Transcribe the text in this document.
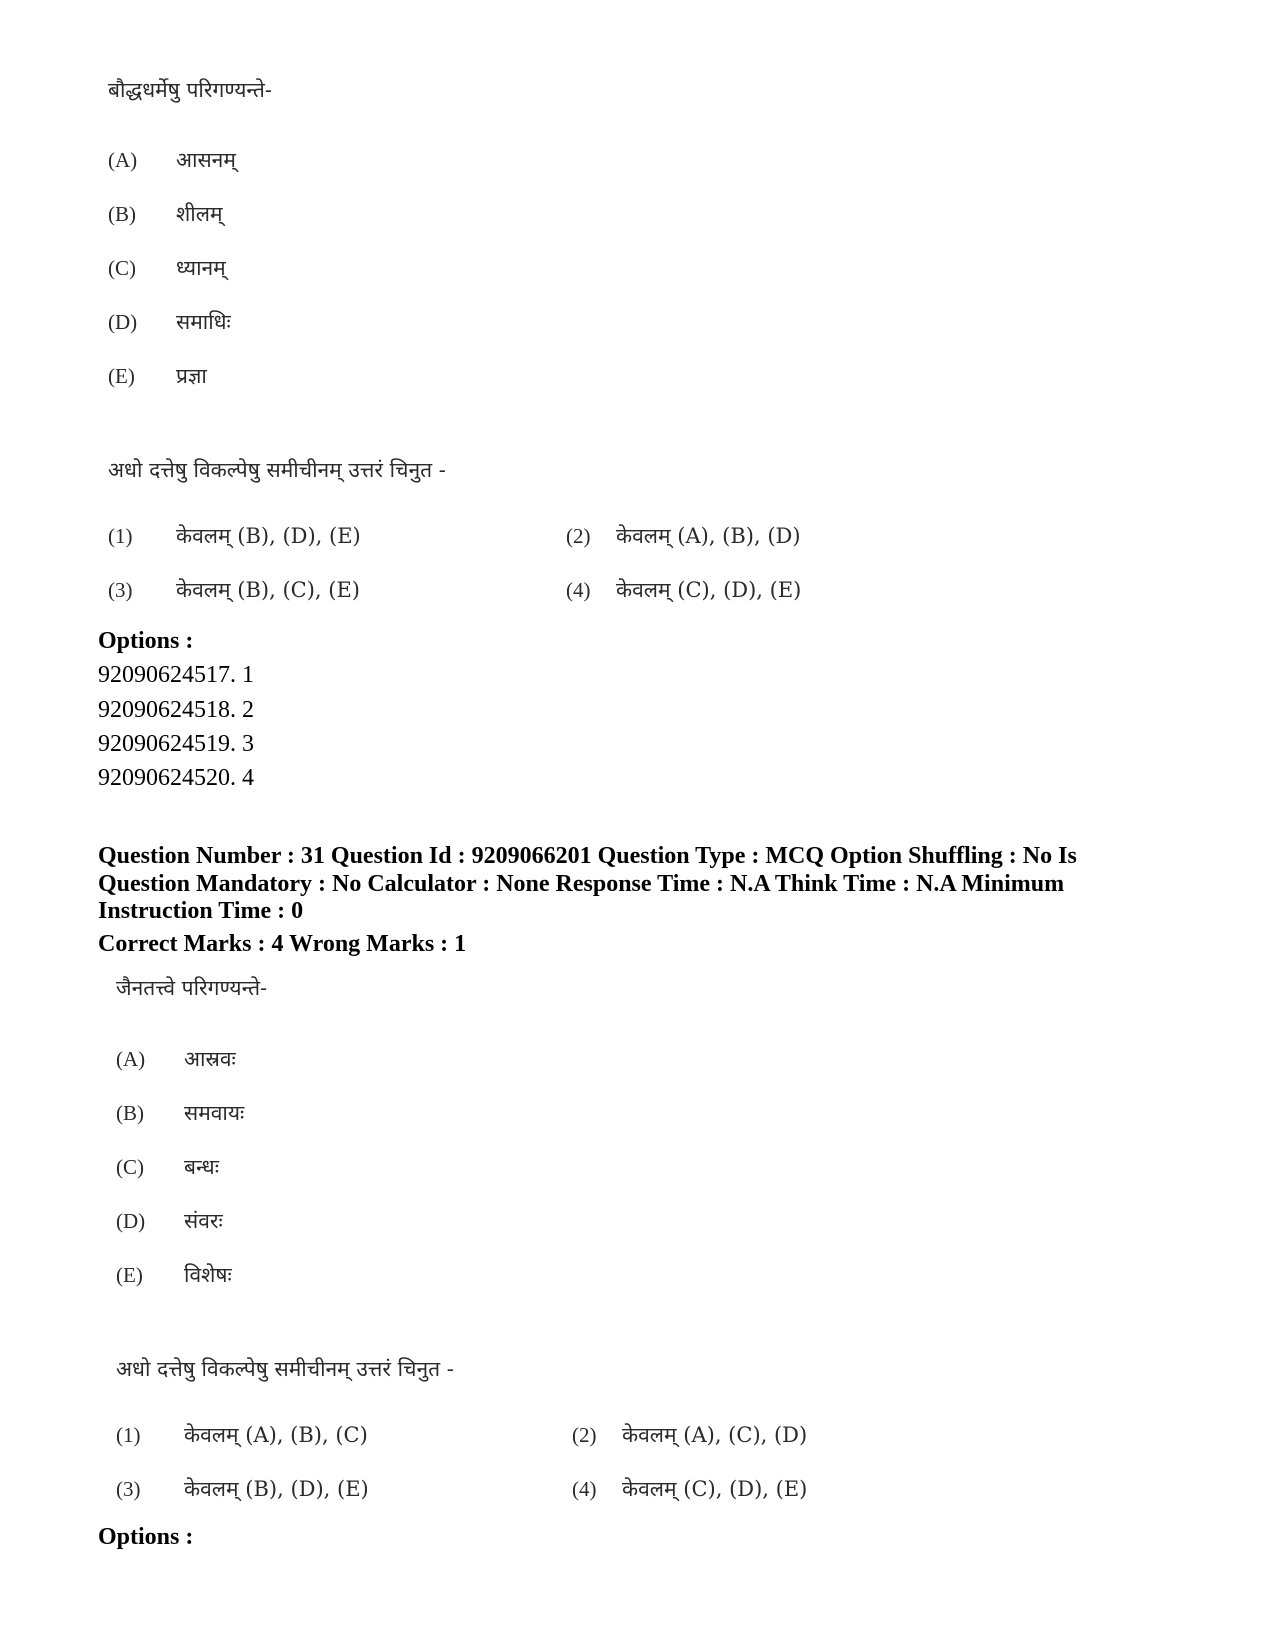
बौद्धधर्मेषु परिगण्यन्ते-
(A) आसनम्
(B) शीलम्
(C) ध्यानम्
(D) समाधिः
(E) प्रज्ञा
अधो दत्तेषु विकल्पेषु समीचीनम् उत्तरं चिनुत -
(1) केवलम् (B), (D), (E)	(2) केवलम् (A), (B), (D)
(3) केवलम् (B), (C), (E)	(4) केवलम् (C), (D), (E)
Options :
92090624517. 1
92090624518. 2
92090624519. 3
92090624520. 4
Question Number : 31 Question Id : 9209066201 Question Type : MCQ Option Shuffling : No Is
Question Mandatory : No Calculator : None Response Time : N.A Think Time : N.A Minimum
Instruction Time : 0
Correct Marks : 4 Wrong Marks : 1
जैनतत्त्वे परिगण्यन्ते-
(A) आस्रवः
(B) समवायः
(C) बन्धः
(D) संवरः
(E) विशेषः
अधो दत्तेषु विकल्पेषु समीचीनम् उत्तरं चिनुत -
(1) केवलम् (A), (B), (C)	(2) केवलम् (A), (C), (D)
(3) केवलम् (B), (D), (E)	(4) केवलम् (C), (D), (E)
Options :
